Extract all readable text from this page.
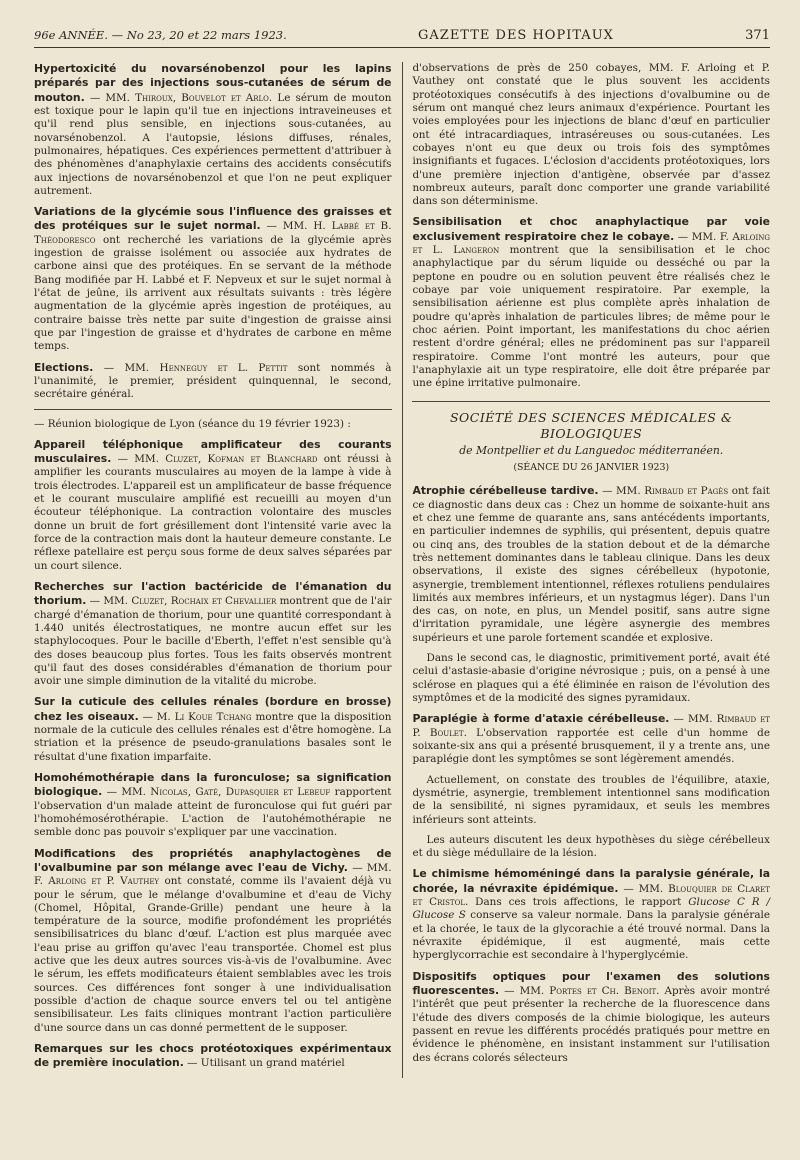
96e ANNÉE. — No 23, 20 et 22 mars 1923.	GAZETTE DES HOPITAUX	371

Hypertoxicité du novarsénobenzol pour les lapins préparés par des injections sous-cutanées de sérum de mouton. — MM. Thiroux, Bouvelot et Arlo. Le sérum de mouton est toxique pour le lapin qu'il tue en injections intraveineuses et qu'il rend plus sensible, en injections sous-cutanées, au novarsénobenzol. A l'autopsie, lésions diffuses, rénales, pulmonaires, hépatiques. Ces expériences permettent d'attribuer à des phénomènes d'anaphylaxie certains des accidents consécutifs aux injections de novarsénobenzol et que l'on ne peut expliquer autrement.

Variations de la glycémie sous l'influence des graisses et des protéiques sur le sujet normal. — MM. H. Labbé et B. Théodoresco ont recherché les variations de la glycémie après ingestion de graisse isolément ou associée aux hydrates de carbone ainsi que des protéiques. En se servant de la méthode Bang modifiée par H. Labbé et F. Nepveux et sur le sujet normal à l'état de jeûne, ils arrivent aux résultats suivants : très légère augmentation de la glycémie après ingestion de protéiques, au contraire baisse très nette par suite d'ingestion de graisse ainsi que par l'ingestion de graisse et d'hydrates de carbone en même temps.

Elections. — MM. Henneguy et L. Pettit sont nommés à l'unanimité, le premier, président quinquennal, le second, secrétaire général.

— Réunion biologique de Lyon (séance du 19 février 1923) :

Appareil téléphonique amplificateur des courants musculaires. — MM. Cluzet, Kofman et Blanchard ont réussi à amplifier les courants musculaires au moyen de la lampe à vide à trois électrodes. L'appareil est un amplificateur de basse fréquence et le courant musculaire amplifié est recueilli au moyen d'un écouteur téléphonique. La contraction volontaire des muscles donne un bruit de fort grésillement dont l'intensité varie avec la force de la contraction mais dont la hauteur demeure constante. Le réflexe patellaire est perçu sous forme de deux salves séparées par un court silence.

Recherches sur l'action bactéricide de l'émanation du thorium. — MM. Cluzet, Rochaix et Chevallier montrent que de l'air chargé d'émanation de thorium, pour une quantité correspondant à 1.440 unités électrostatiques, ne montre aucun effet sur les staphylocoques. Pour le bacille d'Eberth, l'effet n'est sensible qu'à des doses beaucoup plus fortes. Tous les faits observés montrent qu'il faut des doses considérables d'émanation de thorium pour avoir une simple diminution de la vitalité du microbe.

Sur la cuticule des cellules rénales (bordure en brosse) chez les oiseaux. — M. Li Koue Tchang montre que la disposition normale de la cuticule des cellules rénales est d'être homogène. La striation et la présence de pseudo-granulations basales sont le résultat d'une fixation imparfaite.

Homohémothérapie dans la furonculose; sa signification biologique. — MM. Nicolas, Gaté, Dupasquier et Lebeuf rapportent l'observation d'un malade atteint de furonculose qui fut guéri par l'homohémosérothérapie. L'action de l'autohémothérapie ne semble donc pas pouvoir s'expliquer par une vaccination.

Modifications des propriétés anaphylactogènes de l'ovalbumine par son mélange avec l'eau de Vichy. — MM. F. Arloing et P. Vauthey ont constaté, comme ils l'avaient déjà vu pour le sérum, que le mélange d'ovalbumine et d'eau de Vichy (Chomel, Hôpital, Grande-Grille) pendant une heure à la température de la source, modifie profondément les propriétés sensibilisatrices du blanc d'œuf. L'action est plus marquée avec l'eau prise au griffon qu'avec l'eau transportée. Chomel est plus active que les deux autres sources vis-à-vis de l'ovalbumine. Avec le sérum, les effets modificateurs étaient semblables avec les trois sources. Ces différences font songer à une individualisation possible d'action de chaque source envers tel ou tel antigène sensibilisateur. Les faits cliniques montrant l'action particulière d'une source dans un cas donné permettent de le supposer.

Remarques sur les chocs protéotoxiques expérimentaux de première inoculation. — Utilisant un grand matériel

d'observations de près de 250 cobayes, MM. F. Arloing et P. Vauthey ont constaté que le plus souvent les accidents protéotoxiques consécutifs à des injections d'ovalbumine ou de sérum ont manqué chez leurs animaux d'expérience. Pourtant les voies employées pour les injections de blanc d'œuf en particulier ont été intracardiaques, intraséreuses ou sous-cutanées. Les cobayes n'ont eu que deux ou trois fois des symptômes insignifiants et fugaces. L'éclosion d'accidents protéotoxiques, lors d'une première injection d'antigène, observée par d'assez nombreux auteurs, paraît donc comporter une grande variabilité dans son déterminisme.

Sensibilisation et choc anaphylactique par voie exclusivement respiratoire chez le cobaye. — MM. F. Arloing et L. Langeron montrent que la sensibilisation et le choc anaphylactique par du sérum liquide ou desséché ou par la peptone en poudre ou en solution peuvent être réalisés chez le cobaye par voie uniquement respiratoire. Par exemple, la sensibilisation aérienne est plus complète après inhalation de poudre qu'après inhalation de particules libres; de même pour le choc aérien. Point important, les manifestations du choc aérien restent d'ordre général; elles ne prédominent pas sur l'appareil respiratoire. Comme l'ont montré les auteurs, pour que l'anaphylaxie ait un type respiratoire, elle doit être préparée par une épine irritative pulmonaire.

SOCIÉTÉ DES SCIENCES MÉDICALES & BIOLOGIQUES
de Montpellier et du Languedoc méditerranéen.
(SÉANCE DU 26 JANVIER 1923)

Atrophie cérébelleuse tardive. — MM. Rimbaud et Pagès ont fait ce diagnostic dans deux cas : Chez un homme de soixante-huit ans et chez une femme de quarante ans, sans antécédents importants, en particulier indemnes de syphilis, qui présentent, depuis quatre ou cinq ans, des troubles de la station debout et de la démarche très nettement dominantes dans le tableau clinique. Dans les deux observations, il existe des signes cérébelleux (hypotonie, asynergie, tremblement intentionnel, réflexes rotuliens pendulaires limités aux membres inférieurs, et un nystagmus léger). Dans l'un des cas, on note, en plus, un Mendel positif, sans autre signe d'irritation pyramidale, une légère asynergie des membres supérieurs et une parole fortement scandée et explosive.

Dans le second cas, le diagnostic, primitivement porté, avait été celui d'astasie-abasie d'origine névrosique ; puis, on a pensé à une sclérose en plaques qui a été éliminée en raison de l'évolution des symptômes et de la modicité des signes pyramidaux.

Paraplégie à forme d'ataxie cérébelleuse. — MM. Rimbaud et P. Boulet. L'observation rapportée est celle d'un homme de soixante-six ans qui a présenté brusquement, il y a trente ans, une paraplégie dont les symptômes se sont légèrement amendés.

Actuellement, on constate des troubles de l'équilibre, ataxie, dysmétrie, asynergie, tremblement intentionnel sans modification de la sensibilité, ni signes pyramidaux, et seuls les membres inférieurs sont atteints.

Les auteurs discutent les deux hypothèses du siège cérébelleux et du siège médullaire de la lésion.

Le chimisme hémoméningé dans la paralysie générale, la chorée, la névraxite épidémique. — MM. Blouquier de Claret et Cristol. Dans ces trois affections, le rapport Glucose C R / Glucose S conserve sa valeur normale. Dans la paralysie générale et la chorée, le taux de la glycorachie a été trouvé normal. Dans la névraxite épidémique, il est augmenté, mais cette hyperglycorrachie est secondaire à l'hyperglycémie.

Dispositifs optiques pour l'examen des solutions fluorescentes. — MM. Portes et Ch. Benoit. Après avoir montré l'intérêt que peut présenter la recherche de la fluorescence dans l'étude des divers composés de la chimie biologique, les auteurs passent en revue les différents procédés pratiqués pour mettre en évidence le phénomène, en insistant instamment sur l'utilisation des écrans colorés sélecteurs
